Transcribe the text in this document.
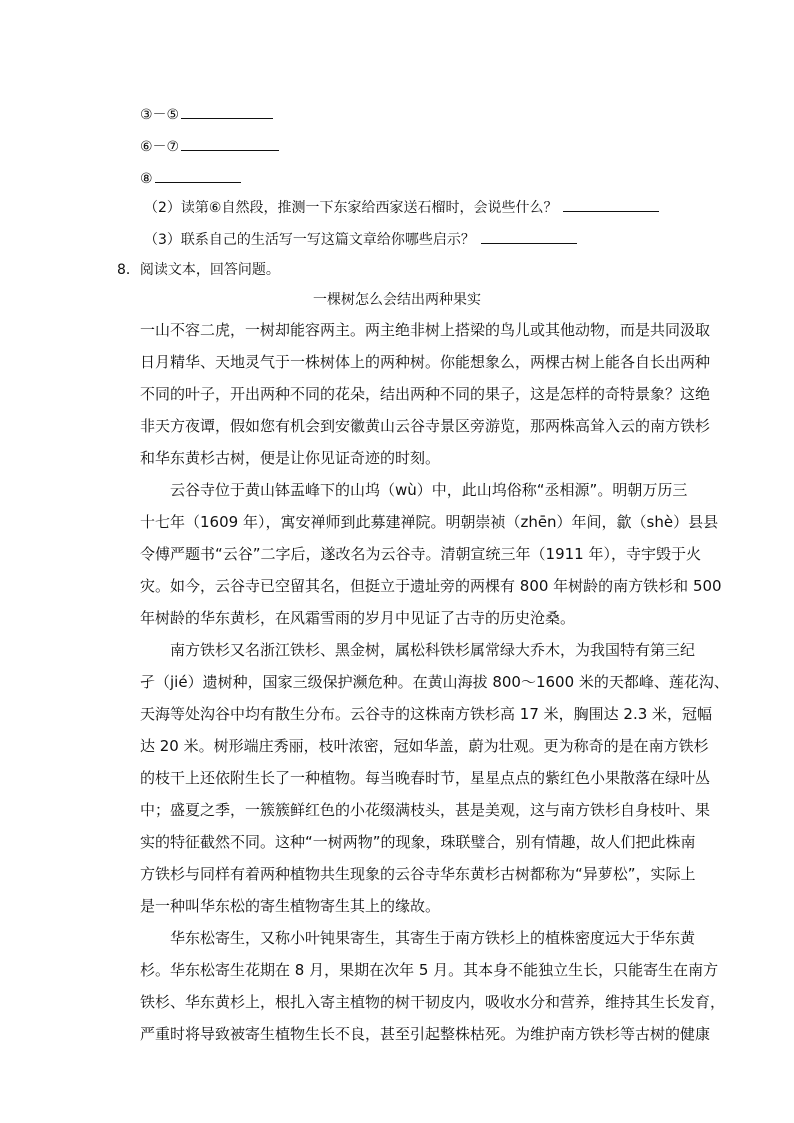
③－⑤
⑥－⑦
⑧
（2）读第⑥自然段，推测一下东家给西家送石榴时，会说些什么？
（3）联系自己的生活写一写这篇文章给你哪些启示？
8．阅读文本，回答问题。
一棵树怎么会结出两种果实
一山不容二虎，一树却能容两主。两主绝非树上搭梁的鸟儿或其他动物，而是共同汲取
日月精华、天地灵气于一株树体上的两种树。你能想象么，两棵古树上能各自长出两种
不同的叶子，开出两种不同的花朵，结出两种不同的果子，这是怎样的奇特景象？这绝
非天方夜谭，假如您有机会到安徽黄山云谷寺景区旁游览，那两株高耸入云的南方铁杉
和华东黄杉古树，便是让你见证奇迹的时刻。
　　云谷寺位于黄山钵盂峰下的山坞（wù）中，此山坞俗称“丞相源”。明朝万历三
十七年（1609 年），寓安禅师到此募建禅院。明朝崇祯（zhēn）年间，歙（shè）县县
令傅严题书“云谷”二字后，遂改名为云谷寺。清朝宣统三年（1911 年），寺宇毁于火
灾。如今，云谷寺已空留其名，但挺立于遗址旁的两棵有 800 年树龄的南方铁杉和 500
年树龄的华东黄杉，在风霜雪雨的岁月中见证了古寺的历史沧桑。
　　南方铁杉又名浙江铁杉、黑金树，属松科铁杉属常绿大乔木，为我国特有第三纪
孑（jié）遗树种，国家三级保护濒危种。在黄山海拔 800～1600 米的天都峰、莲花沟、
天海等处沟谷中均有散生分布。云谷寺的这株南方铁杉高 17 米，胸围达 2.3 米，冠幅
达 20 米。树形端庄秀丽，枝叶浓密，冠如华盖，蔚为壮观。更为称奇的是在南方铁杉
的枝干上还依附生长了一种植物。每当晚春时节，星星点点的紫红色小果散落在绿叶丛
中；盛夏之季，一簇簇鲜红色的小花缀满枝头，甚是美观，这与南方铁杉自身枝叶、果
实的特征截然不同。这种“一树两物”的现象，珠联璧合，别有情趣，故人们把此株南
方铁杉与同样有着两种植物共生现象的云谷寺华东黄杉古树都称为“异萝松”，实际上
是一种叫华东松的寄生植物寄生其上的缘故。
　　华东松寄生，又称小叶钝果寄生，其寄生于南方铁杉上的植株密度远大于华东黄
杉。华东松寄生花期在 8 月，果期在次年 5 月。其本身不能独立生长，只能寄生在南方
铁杉、华东黄杉上，根扎入寄主植物的树干韧皮内，吸收水分和营养，维持其生长发育，
严重时将导致被寄生植物生长不良，甚至引起整株枯死。为维护南方铁杉等古树的健康
